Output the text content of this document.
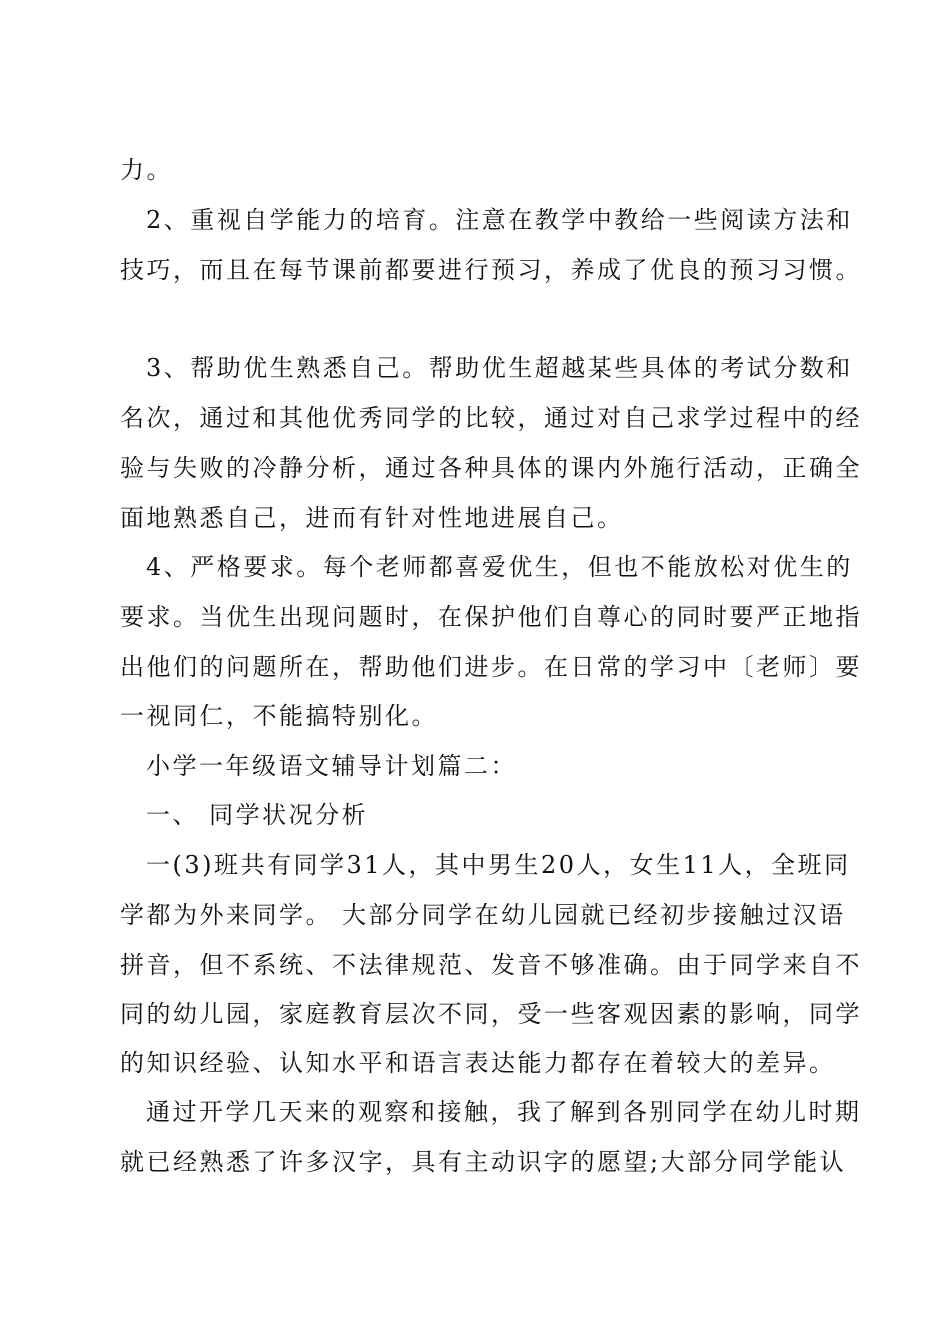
力。
2、重视自学能力的培育。注意在教学中教给一些阅读方法和
技巧，而且在每节课前都要进行预习，养成了优良的预习习惯。
3、帮助优生熟悉自己。帮助优生超越某些具体的考试分数和
名次，通过和其他优秀同学的比较，通过对自己求学过程中的经
验与失败的冷静分析，通过各种具体的课内外施行活动，正确全
面地熟悉自己，进而有针对性地进展自己。
4、严格要求。每个老师都喜爱优生，但也不能放松对优生的
要求。当优生出现问题时，在保护他们自尊心的同时要严正地指
出他们的问题所在，帮助他们进步。在日常的学习中〔老师〕要
一视同仁，不能搞特别化。
小学一年级语文辅导计划篇二：
一、 同学状况分析
一(3)班共有同学31人，其中男生20人，女生11人，全班同
学都为外来同学。 大部分同学在幼儿园就已经初步接触过汉语
拼音，但不系统、不法律规范、发音不够准确。由于同学来自不
同的幼儿园，家庭教育层次不同，受一些客观因素的影响，同学
的知识经验、认知水平和语言表达能力都存在着较大的差异。
通过开学几天来的观察和接触，我了解到各别同学在幼儿时期
就已经熟悉了许多汉字，具有主动识字的愿望;大部分同学能认
